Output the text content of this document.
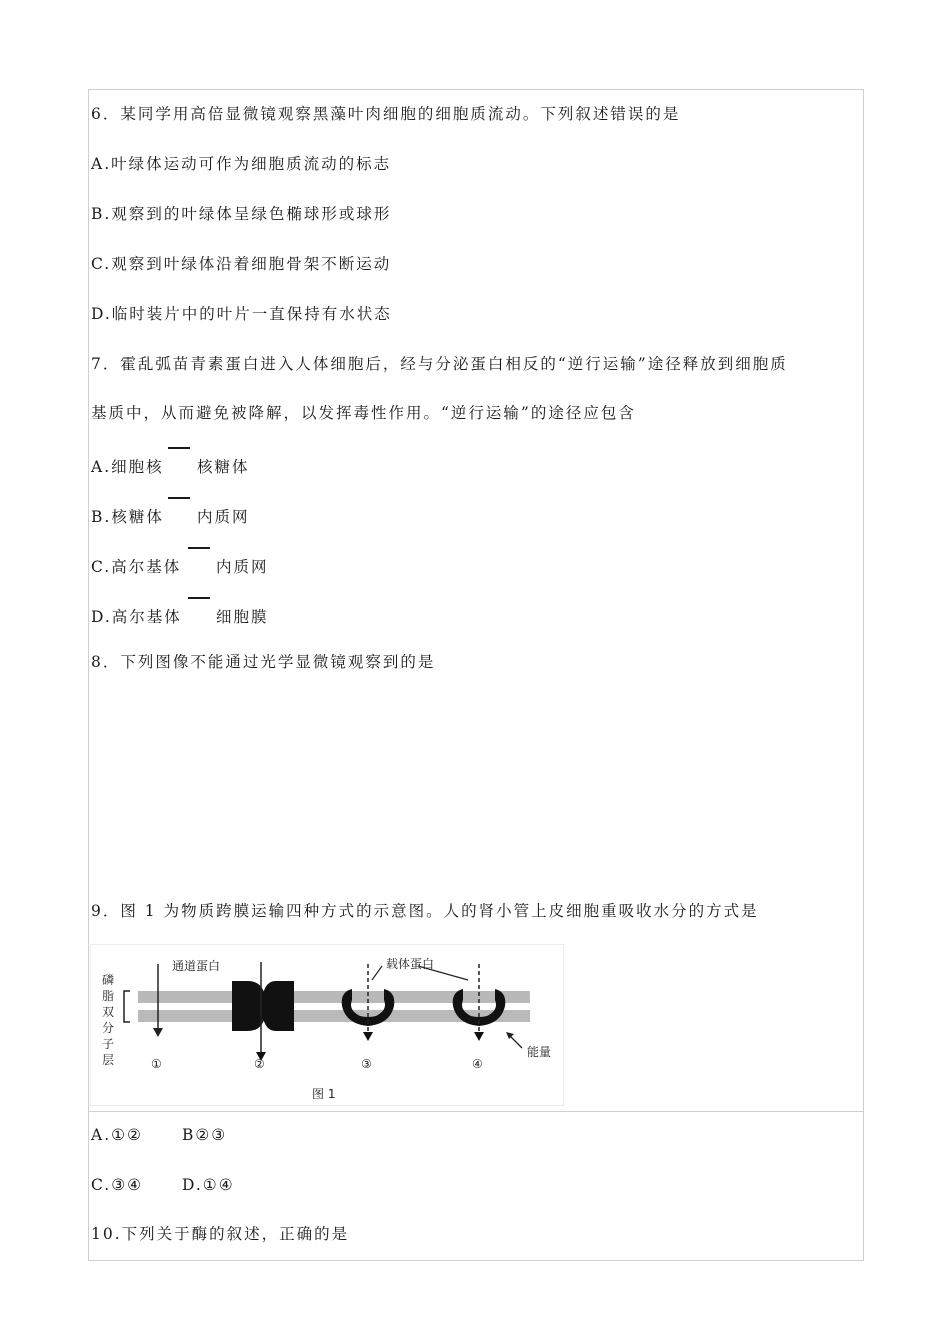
6．某同学用高倍显微镜观察黑藻叶肉细胞的细胞质流动。下列叙述错误的是
A.叶绿体运动可作为细胞质流动的标志
B.观察到的叶绿体呈绿色椭球形或球形
C.观察到叶绿体沿着细胞骨架不断运动
D.临时装片中的叶片一直保持有水状态
7．霍乱弧苗青素蛋白进入人体细胞后，经与分泌蛋白相反的“逆行运输”途径释放到细胞质
基质中，从而避免被降解，以发挥毒性作用。“逆行运输”的途径应包含
A.细胞核 核糖体
B.核糖体 内质网
C.高尔基体 内质网
D.高尔基体 细胞膜
8．下列图像不能通过光学显微镜观察到的是
9．图 1 为物质跨膜运输四种方式的示意图。人的肾小管上皮细胞重吸收水分的方式是
磷 脂 双 分 子 层
通道蛋白	载体蛋白
能量
①	②	③	④
图 1
A.①②	B②③
C.③④	D.①④
10.下列关于酶的叙述，正确的是
